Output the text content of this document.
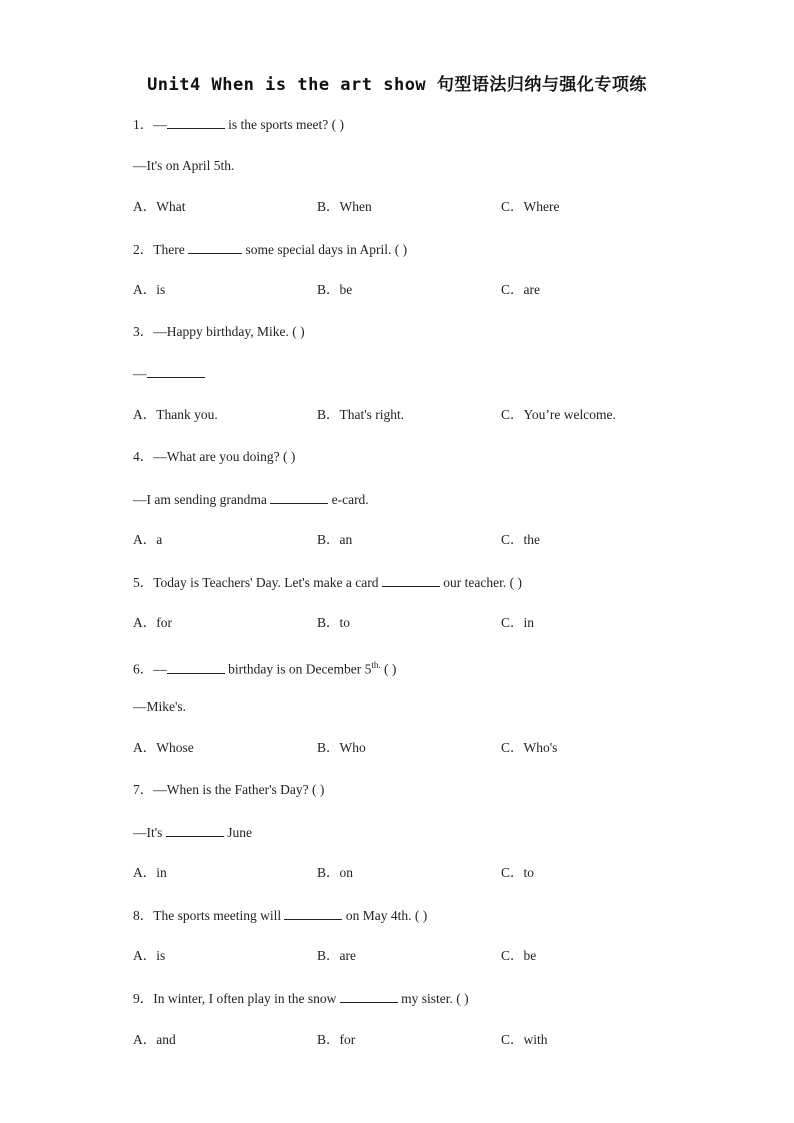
Unit4 When is the art show 句型语法归纳与强化专项练
1．—	is the sports meet? ( )
—It's on April 5th.
A．What	B．When	C．Where
2．There	some special days in April. ( )
A．is	B．be	C．are
3．—Happy birthday, Mike. ( )
—
A．Thank you.	B．That's right.	C．You’re welcome.
4．—What are you doing? ( )
—I am sending grandma	e-card.
A．a	B．an	C．the
5．Today is Teachers' Day. Let's make a card	our teacher. ( )
A．for	B．to	C．in
6．—	birthday is on December $5^{th.}$ ( )
—Mike's.
A．Whose	B．Who	C．Who's
7．—When is the Father's Day? ( )
—It's	June
A．in	B．on	C．to
8．The sports meeting will	on May 4th. ( )
A．is	B．are	C．be
9．In winter, I often play in the snow	my sister. ( )
A．and	B．for	C．with
